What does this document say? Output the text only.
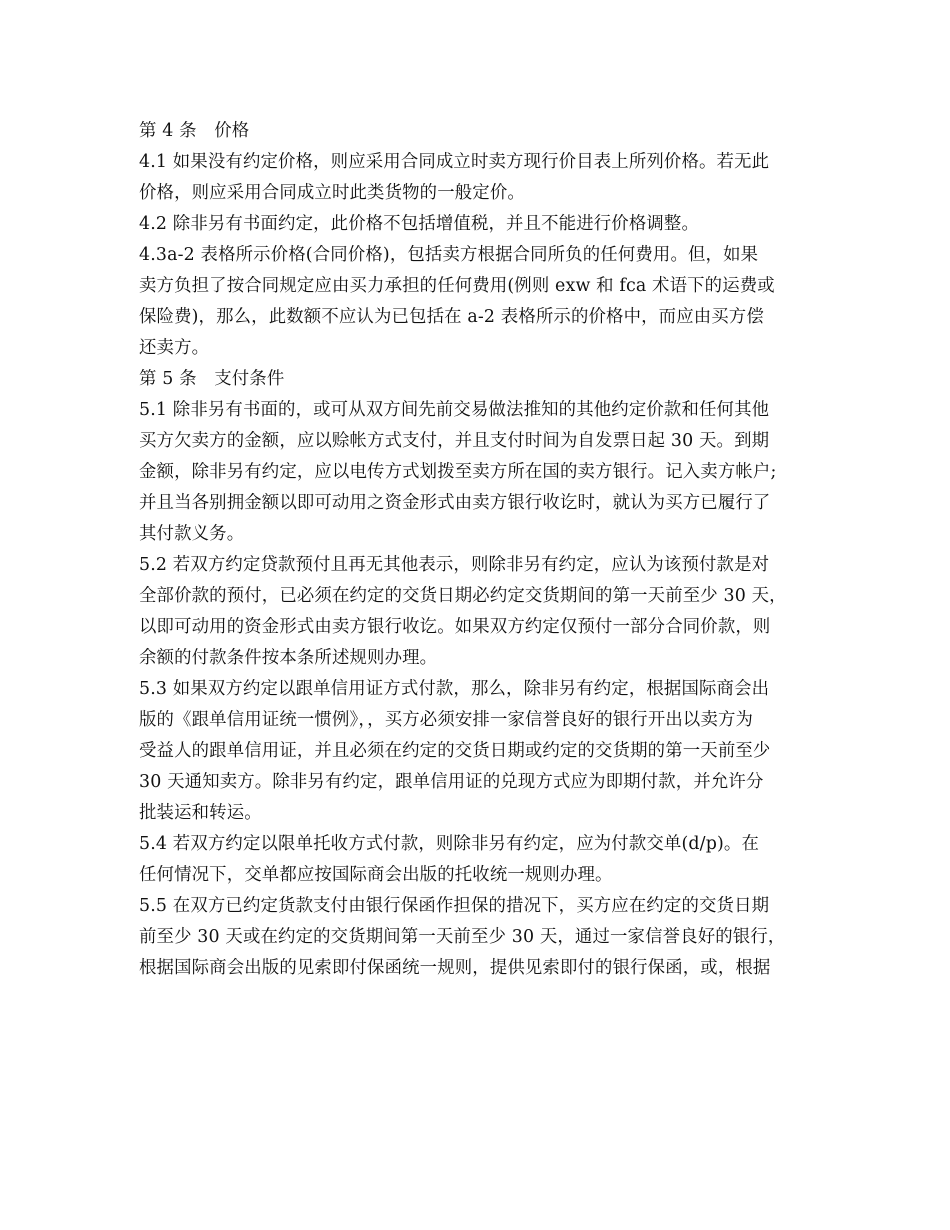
第 4 条　价格
4.1 如果没有约定价格，则应采用合同成立时卖方现行价目表上所列价格。若无此
价格，则应采用合同成立时此类货物的一般定价。
4.2 除非另有书面约定，此价格不包括增值税，并且不能进行价格调整。
4.3a-2 表格所示价格(合同价格)，包括卖方根据合同所负的任何费用。但，如果
卖方负担了按合同规定应由买力承担的任何费用(例则 exw 和 fca 术语下的运费或
保险费)，那么，此数额不应认为已包括在 a-2 表格所示的价格中，而应由买方偿
还卖方。
第 5 条　支付条件
5.1 除非另有书面的，或可从双方间先前交易做法推知的其他约定价款和任何其他
买方欠卖方的金额，应以赊帐方式支付，并且支付时间为自发票日起 30 天。到期
金额，除非另有约定，应以电传方式划拨至卖方所在国的卖方银行。记入卖方帐户;
并且当各别拥金额以即可动用之资金形式由卖方银行收讫时，就认为买方已履行了
其付款义务。
5.2 若双方约定贷款预付且再无其他表示，则除非另有约定，应认为该预付款是对
全部价款的预付，已必须在约定的交货日期必约定交货期间的第一天前至少 30 天，
以即可动用的资金形式由卖方银行收讫。如果双方约定仅预付一部分合同价款，则
余额的付款条件按本条所述规则办理。
5.3 如果双方约定以跟单信用证方式付款，那么，除非另有约定，根据国际商会出
版的《跟单信用证统一惯例》，，买方必须安排一家信誉良好的银行开出以卖方为
受益人的跟单信用证，并且必须在约定的交货日期或约定的交货期的第一天前至少
30 天通知卖方。除非另有约定，跟单信用证的兑现方式应为即期付款，并允许分
批装运和转运。
5.4 若双方约定以限单托收方式付款，则除非另有约定，应为付款交单(d/p)。在
任何情况下，交单都应按国际商会出版的托收统一规则办理。
5.5 在双方已约定货款支付由银行保函作担保的措况下，买方应在约定的交货日期
前至少 30 天或在约定的交货期间第一天前至少 30 天，通过一家信誉良好的银行，
根据国际商会出版的见索即付保函统一规则，提供见索即付的银行保函，或，根据
